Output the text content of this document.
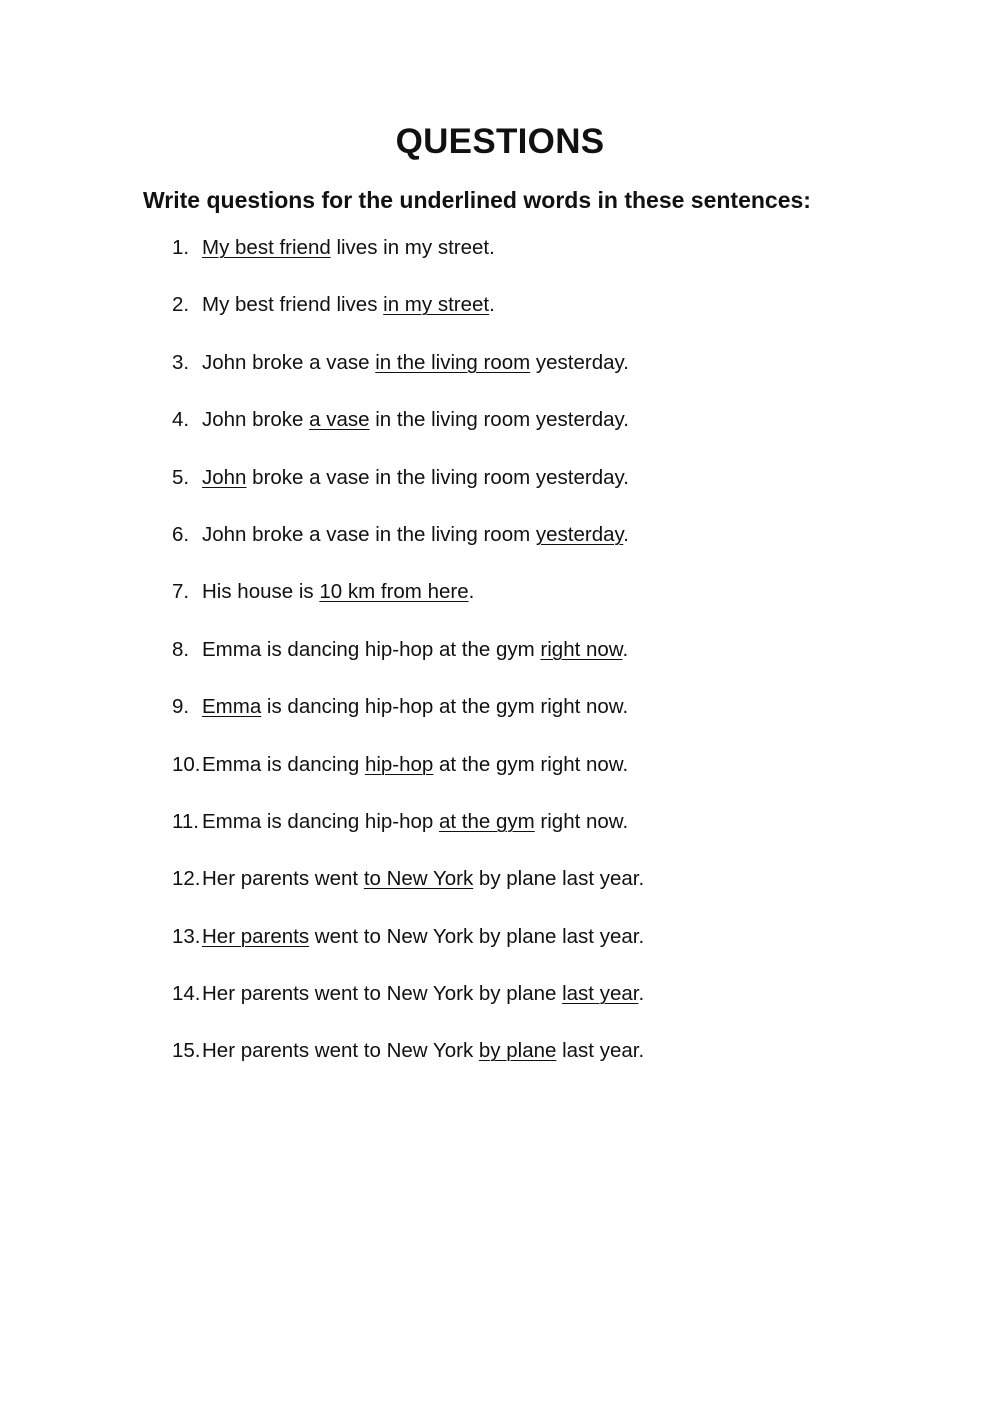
QUESTIONS

Write questions for the underlined words in these sentences:

1. My best friend lives in my street.
2. My best friend lives in my street.
3. John broke a vase in the living room yesterday.
4. John broke a vase in the living room yesterday.
5. John broke a vase in the living room yesterday.
6. John broke a vase in the living room yesterday.
7. His house is 10 km from here.
8. Emma is dancing hip-hop at the gym right now.
9. Emma is dancing hip-hop at the gym right now.
10. Emma is dancing hip-hop at the gym right now.
11. Emma is dancing hip-hop at the gym right now.
12. Her parents went to New York by plane last year.
13. Her parents went to New York by plane last year.
14. Her parents went to New York by plane last year.
15. Her parents went to New York by plane last year.
